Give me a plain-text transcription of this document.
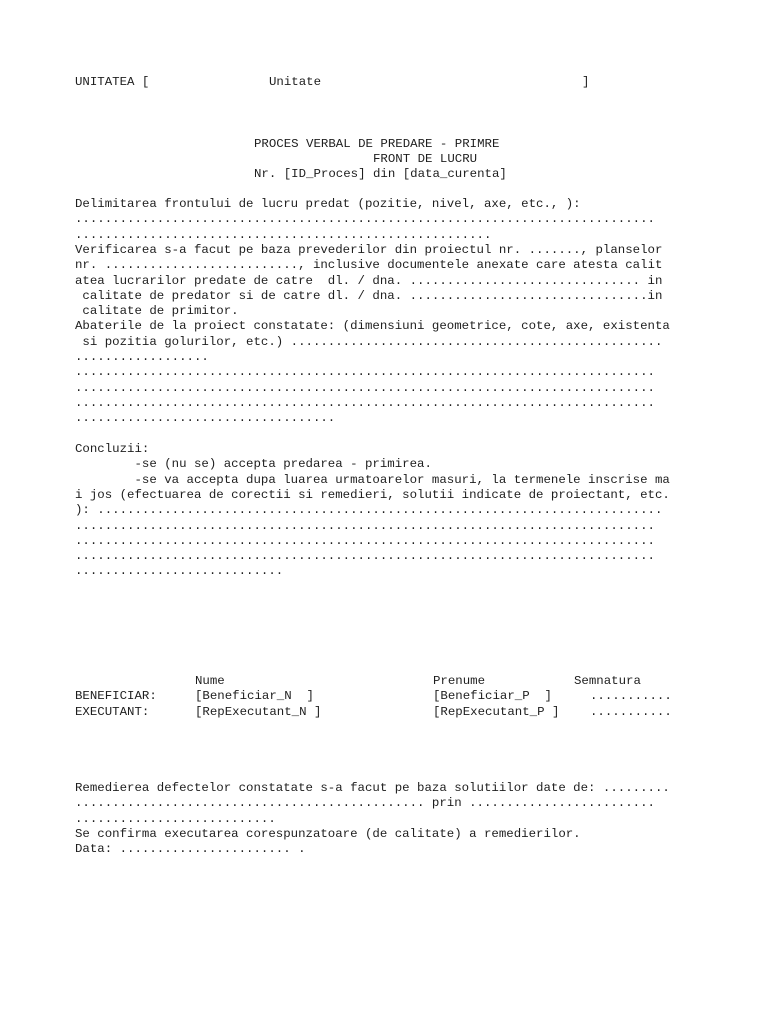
UNITATEA [	Unitate	]
PROCES VERBAL DE PREDARE - PRIMRE
FRONT DE LUCRU
Nr. [ID_Proces] din [data_curenta]
Delimitarea frontului de lucru predat (pozitie, nivel, axe, etc., ):
..............................................................................
........................................................
Verificarea s-a facut pe baza prevederilor din proiectul nr. ......., planselor
nr. .........................., inclusive documentele anexate care atesta calit
atea lucrarilor predate de catre  dl. / dna. ............................... in
calitate de predator si de catre dl. / dna. ................................in
calitate de primitor.
Abaterile de la proiect constatate: (dimensiuni geometrice, cote, axe, existenta
si pozitia golurilor, etc.) ..................................................
..................
..............................................................................
..............................................................................
..............................................................................
...................................
Concluzii:
-se (nu se) accepta predarea - primirea.
-se va accepta dupa luarea urmatoarelor masuri, la termenele inscrise ma
i jos (efectuarea de corectii si remedieri, solutii indicate de proiectant, etc.
): ............................................................................
..............................................................................
..............................................................................
..............................................................................
............................
Nume	Prenume	Semnatura
BENEFICIAR:	[Beneficiar_N  ]	[Beneficiar_P  ]	...........
EXECUTANT:	[RepExecutant_N ]	[RepExecutant_P ] ...........
Remedierea defectelor constatate s-a facut pe baza solutiilor date de: .........
............................................... prin .........................
...........................
Se confirma executarea corespunzatoare (de calitate) a remedierilor.
Data: ....................... .
